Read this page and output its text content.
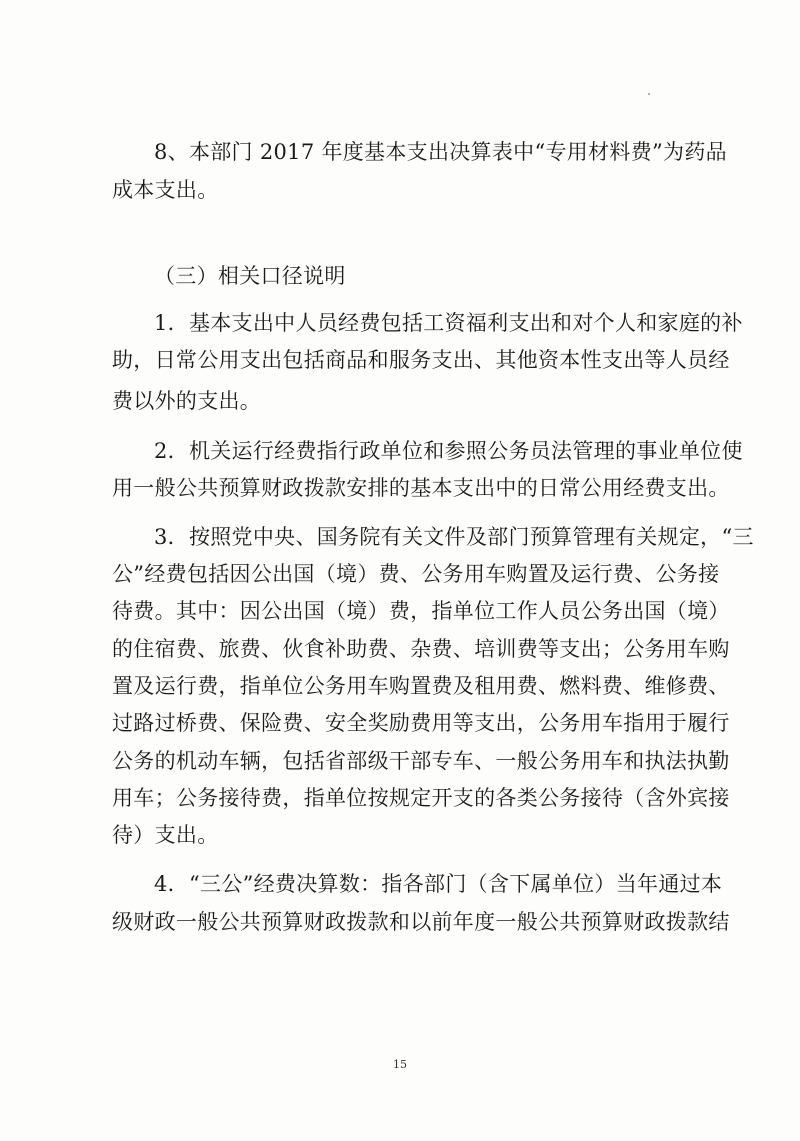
8、本部门 2017 年度基本支出决算表中“专用材料费”为药品
成本支出。
（三）相关口径说明
1．基本支出中人员经费包括工资福利支出和对个人和家庭的补
助，日常公用支出包括商品和服务支出、其他资本性支出等人员经
费以外的支出。
2．机关运行经费指行政单位和参照公务员法管理的事业单位使
用一般公共预算财政拨款安排的基本支出中的日常公用经费支出。
3．按照党中央、国务院有关文件及部门预算管理有关规定，“三
公”经费包括因公出国（境）费、公务用车购置及运行费、公务接
待费。其中：因公出国（境）费，指单位工作人员公务出国（境）
的住宿费、旅费、伙食补助费、杂费、培训费等支出；公务用车购
置及运行费，指单位公务用车购置费及租用费、燃料费、维修费、
过路过桥费、保险费、安全奖励费用等支出，公务用车指用于履行
公务的机动车辆，包括省部级干部专车、一般公务用车和执法执勤
用车；公务接待费，指单位按规定开支的各类公务接待（含外宾接
待）支出。
4．“三公”经费决算数：指各部门（含下属单位）当年通过本
级财政一般公共预算财政拨款和以前年度一般公共预算财政拨款结
15
